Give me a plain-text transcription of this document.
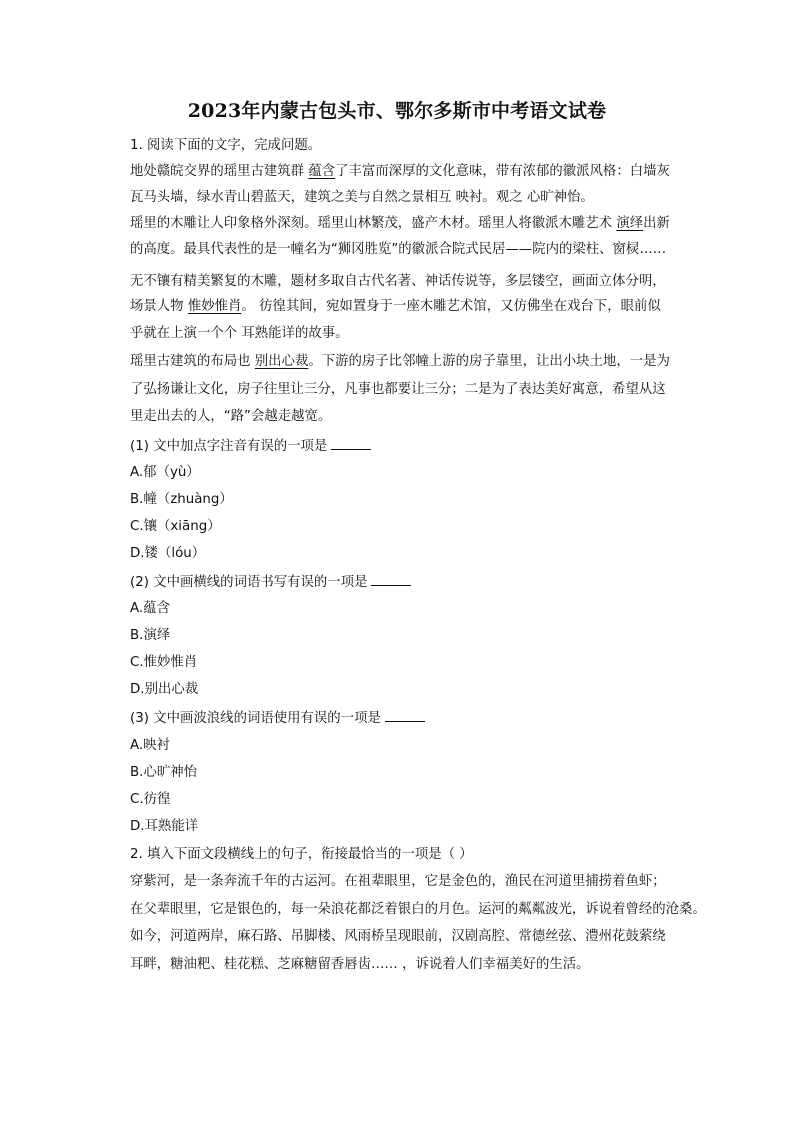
2023年内蒙古包头市、鄂尔多斯市中考语文试卷
1. 阅读下面的文字，完成问题。
地处赣皖交界的瑶里古建筑群 蕴含了丰富而深厚的文化意味，带有浓郁的徽派风格：白墙灰
瓦马头墙，绿水青山碧蓝天，建筑之美与自然之景相互 映衬。观之 心旷神怡。
瑶里的木雕让人印象格外深刻。瑶里山林繁茂，盛产木材。瑶里人将徽派木雕艺术 演绎出新
的高度。最具代表性的是一幢名为“狮冈胜览”的徽派合院式民居——院内的梁柱、窗棂……
无不镶有精美繁复的木雕，题材多取自古代名著、神话传说等，多层镂空，画面立体分明，
场景人物 惟妙惟肖。 彷徨其间，宛如置身于一座木雕艺术馆，又仿佛坐在戏台下，眼前似
乎就在上演一个个 耳熟能详的故事。
瑶里古建筑的布局也 别出心裁。下游的房子比邻幢上游的房子靠里，让出小块土地，一是为
了弘扬谦让文化，房子往里让三分，凡事也都要让三分；二是为了表达美好寓意，希望从这
里走出去的人，“路”会越走越宽。
(1) 文中加点字注音有误的一项是
A.郁（yù）
B.幢（zhuàng）
C.镶（xiāng）
D.镂（lóu）
(2) 文中画横线的词语书写有误的一项是
A.蕴含
B.演绎
C.惟妙惟肖
D.别出心裁
(3) 文中画波浪线的词语使用有误的一项是
A.映衬
B.心旷神怡
C.彷徨
D.耳熟能详
2. 填入下面文段横线上的句子，衔接最恰当的一项是（ ）
穿紫河，是一条奔流千年的古运河。在祖辈眼里，它是金色的，渔民在河道里捕捞着鱼虾；
在父辈眼里，它是银色的，每一朵浪花都泛着银白的月色。运河的粼粼波光，诉说着曾经的沧桑。
如今，河道两岸，麻石路、吊脚楼、风雨桥呈现眼前，汉剧高腔、常德丝弦、澧州花鼓萦绕
耳畔，糖油粑、桂花糕、芝麻糖留香唇齿…… ，诉说着人们幸福美好的生活。
